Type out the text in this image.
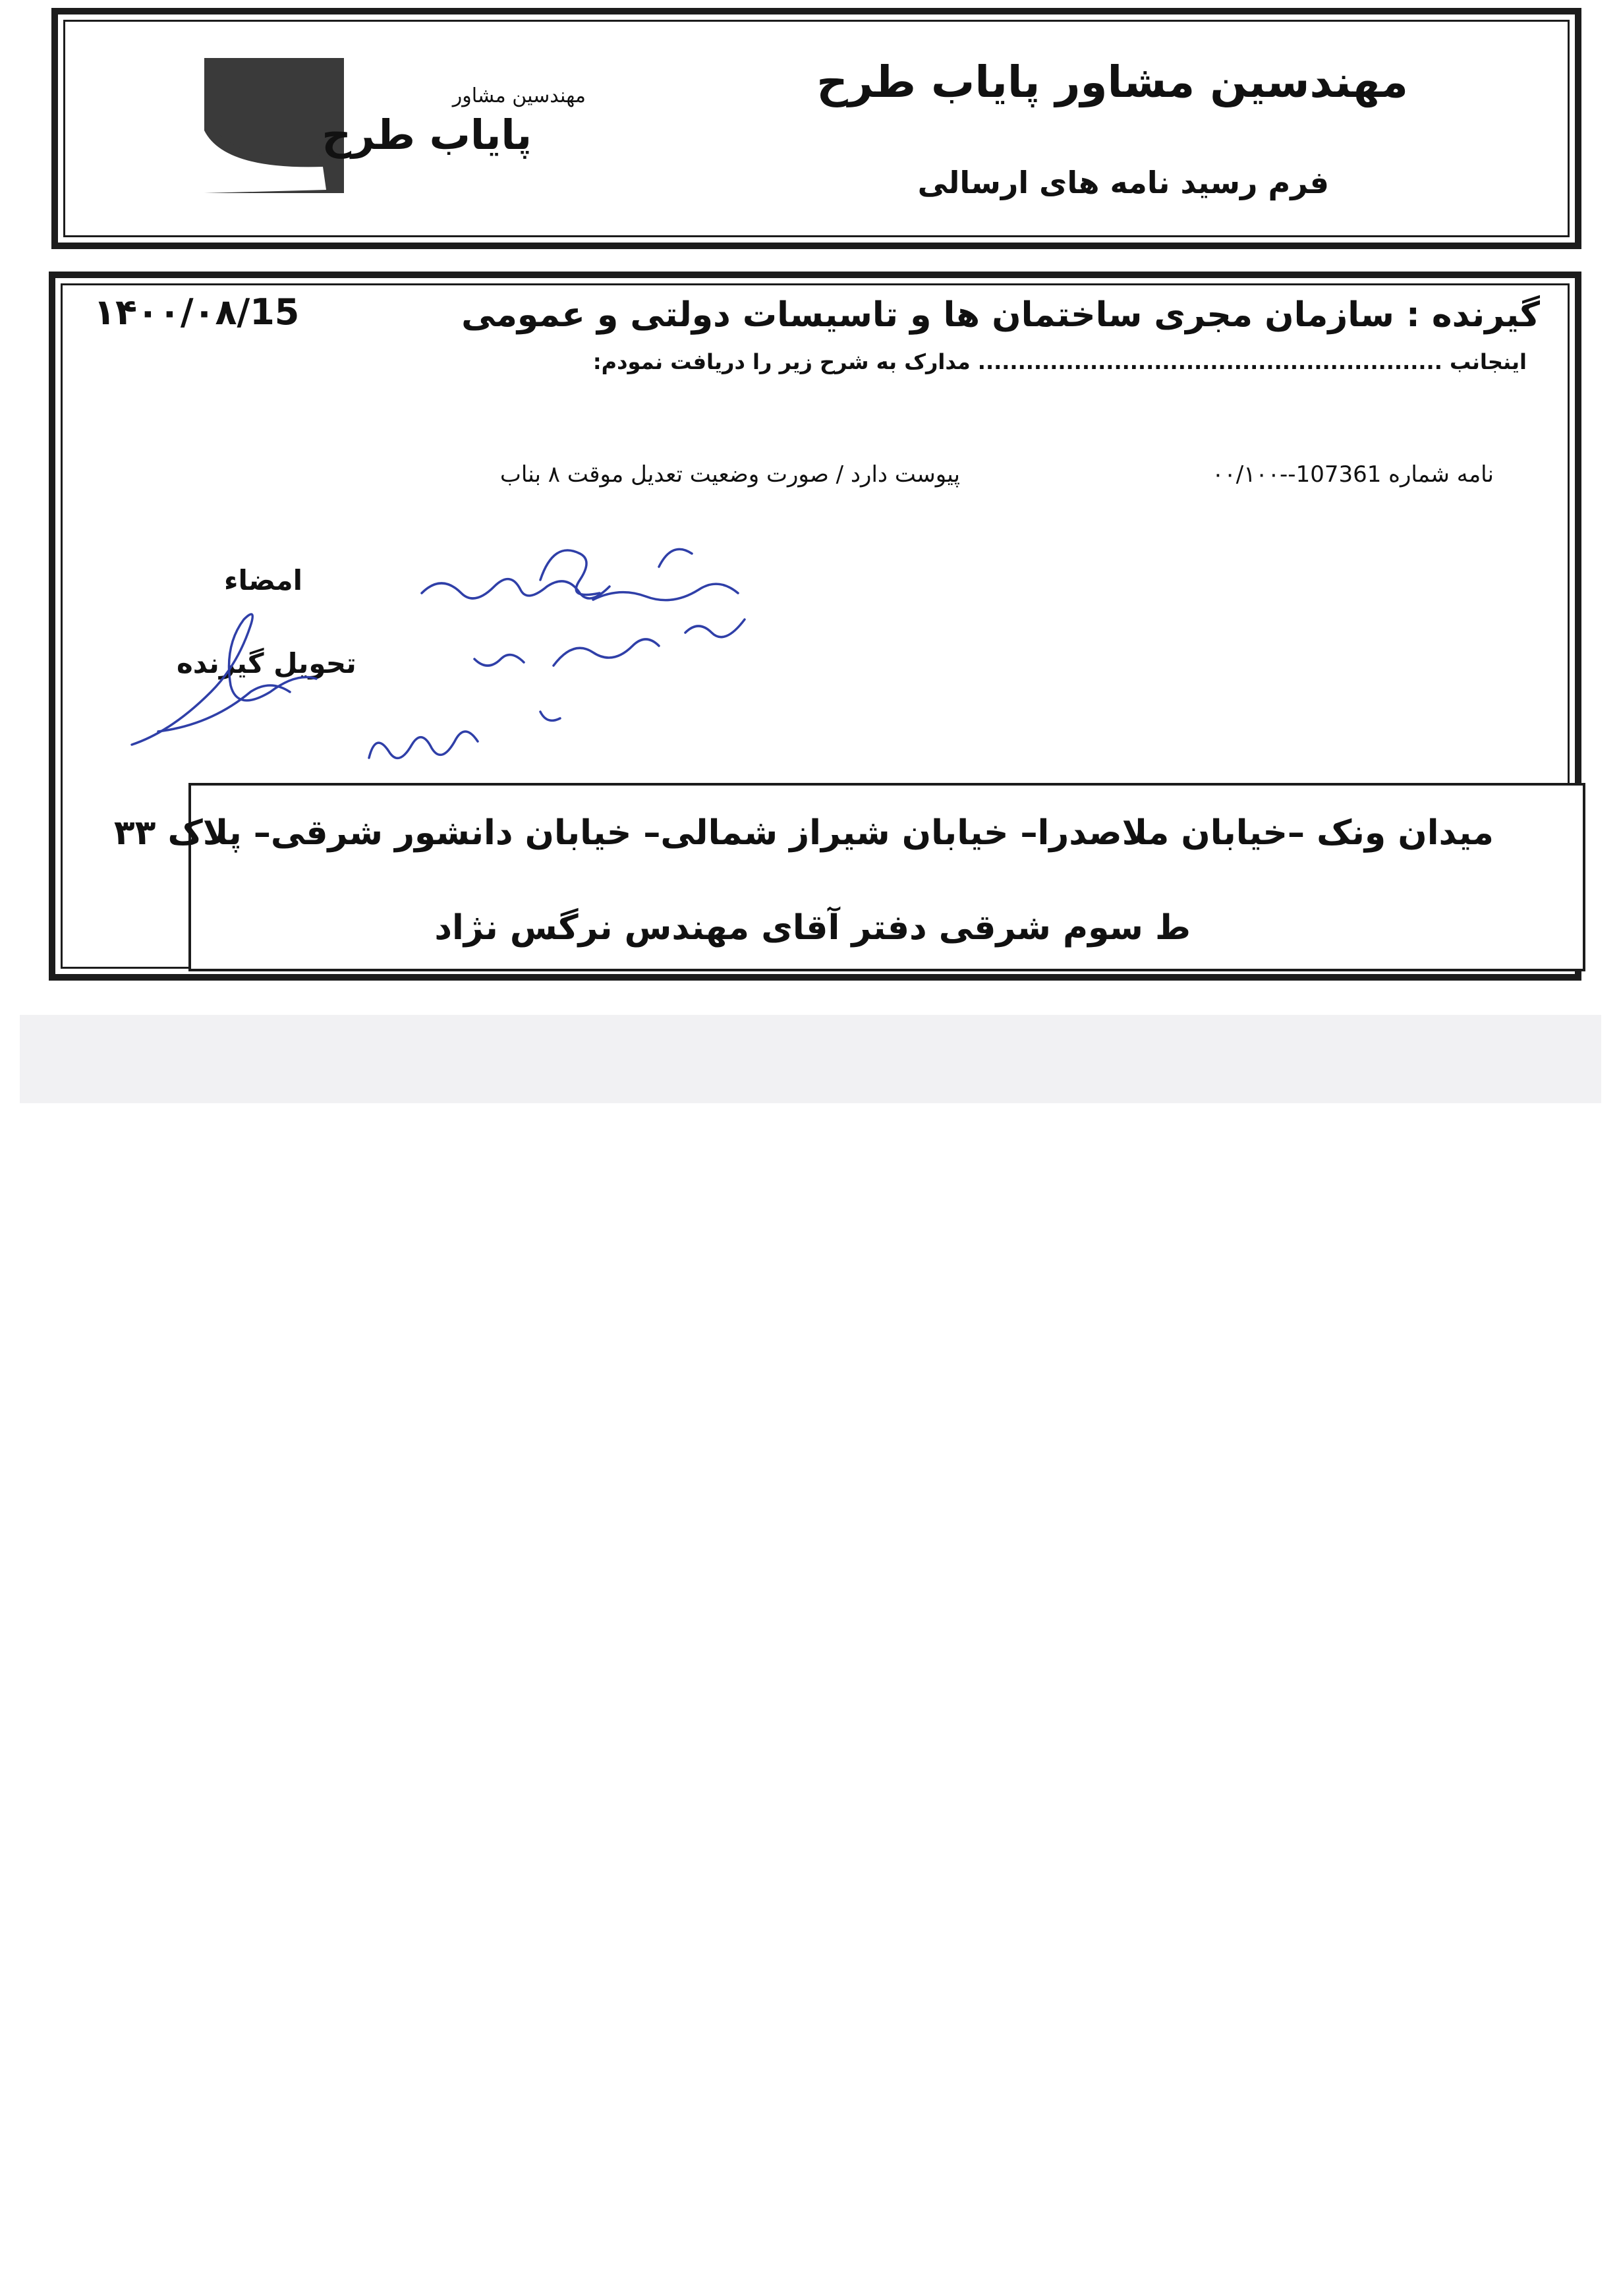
مهندسین مشاور
پایاب طرح
مهندسین مشاور پایاب طرح
فرم رسید نامه های ارسالی
۱۴۰۰/۰۸/15	گیرنده : سازمان مجری ساختمان ها و تاسیسات دولتی و عمومی
اینجانب .......................................................... مدارک به شرح زیر را دریافت نمودم:
نامه شماره 107361--۰۰/۱۰۰
پیوست دارد / صورت وضعیت تعدیل موقت ۸ بناب
امضاء
تحویل گیرنده
میدان ونک –خیابان ملاصدرا– خیابان شیراز شمالی– خیابان دانشور شرقی– پلاک ۳۳
ط سوم شرقی دفتر آقای مهندس نرگس نژاد
